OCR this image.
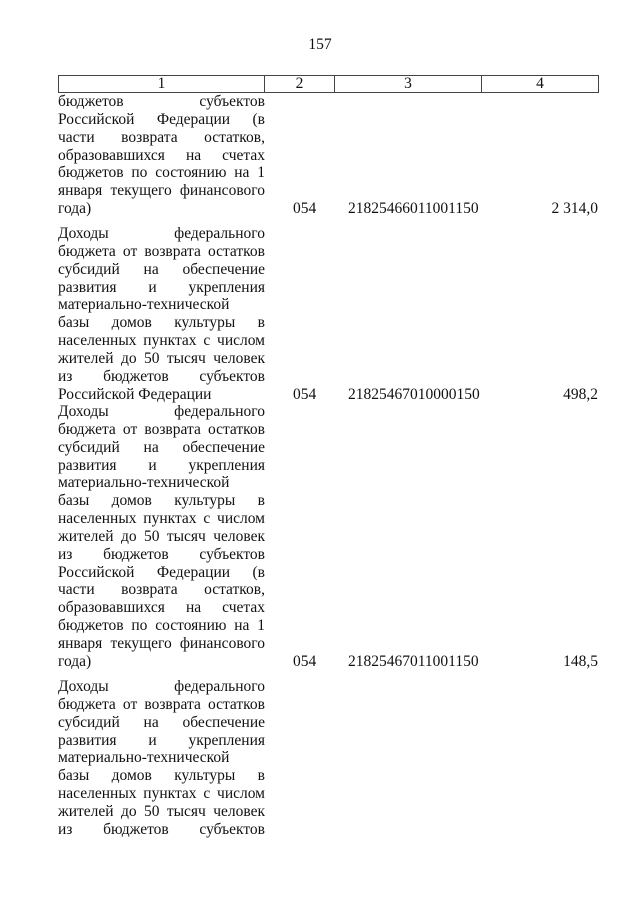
157
1	2	3	4
бюджетов субъектов
Российской Федерации (в
части возврата остатков,
образовавшихся на счетах
бюджетов по состоянию на 1
января текущего финансового
года)	054 21825466011001150	2 314,0
Доходы федерального
бюджета от возврата остатков
субсидий на обеспечение
развития и укрепления
материально-технической
базы домов культуры в
населенных пунктах с числом
жителей до 50 тысяч человек
из бюджетов субъектов
Российской Федерации	054 21825467010000150	498,2
Доходы федерального
бюджета от возврата остатков
субсидий на обеспечение
развития и укрепления
материально-технической
базы домов культуры в
населенных пунктах с числом
жителей до 50 тысяч человек
из бюджетов субъектов
Российской Федерации (в
части возврата остатков,
образовавшихся на счетах
бюджетов по состоянию на 1
января текущего финансового
года)	054 21825467011001150	148,5
Доходы федерального
бюджета от возврата остатков
субсидий на обеспечение
развития и укрепления
материально-технической
базы домов культуры в
населенных пунктах с числом
жителей до 50 тысяч человек
из бюджетов субъектов
